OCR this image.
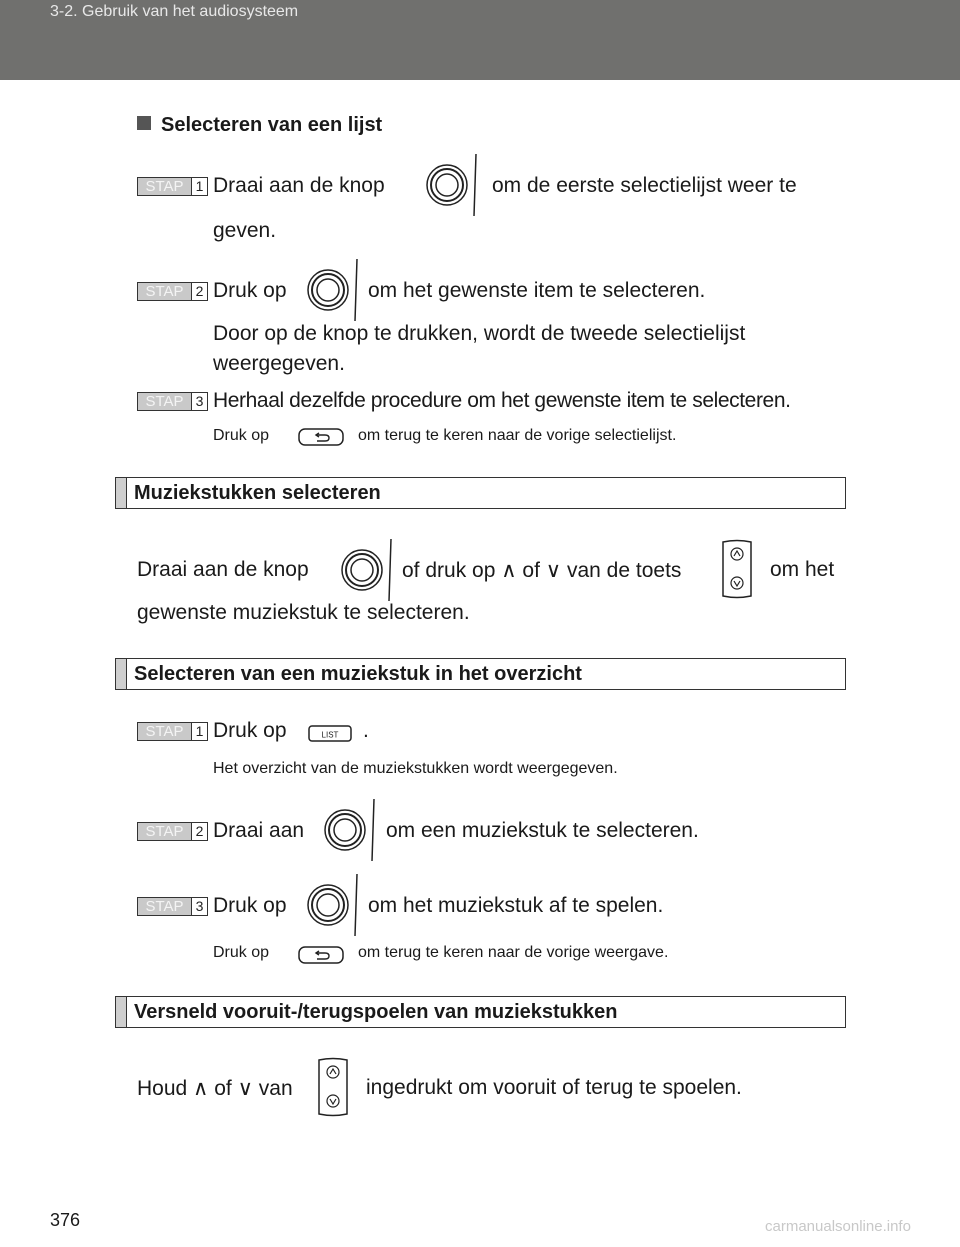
3-2. Gebruik van het audiosysteem
Selecteren van een lijst
STAP 1 Draai aan de knop	om de eerste selectielijst weer te
geven.
STAP 2 Druk op	om het gewenste item te selecteren.
Door op de knop te drukken, wordt de tweede selectielijst
weergegeven.
STAP 3 Herhaal dezelfde procedure om het gewenste item te selecteren.
Druk op	om terug te keren naar de vorige selectielijst.
Muziekstukken selecteren
Draai aan de knop	of druk op ∧ of ∨ van de toets	om het
gewenste muziekstuk te selecteren.
Selecteren van een muziekstuk in het overzicht
STAP 1 Druk op	.
Het overzicht van de muziekstukken wordt weergegeven.
STAP 2 Draai aan	om een muziekstuk te selecteren.
STAP 3 Druk op	om het muziekstuk af te spelen.
Druk op	om terug te keren naar de vorige weergave.
Versneld vooruit-/terugspoelen van muziekstukken
Houd ∧ of ∨ van	ingedrukt om vooruit of terug te spoelen.
376	carmanualsonline.info
